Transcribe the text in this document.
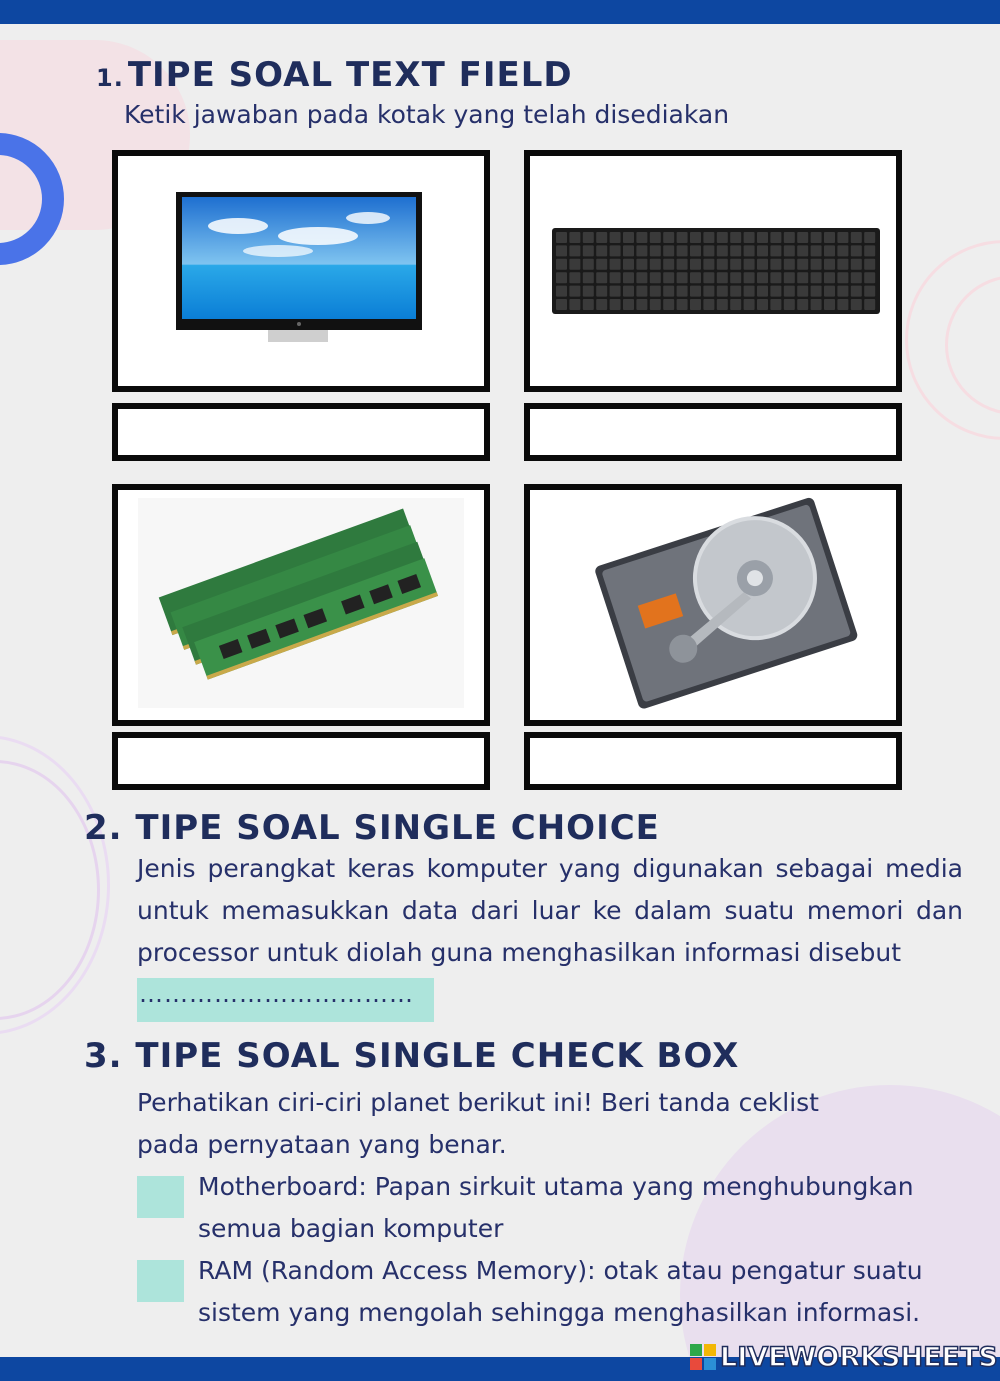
1. TIPE SOAL TEXT FIELD
Ketik jawaban pada kotak yang telah disediakan
2. TIPE SOAL SINGLE CHOICE
Jenis perangkat keras komputer yang digunakan sebagai media untuk memasukkan data dari luar ke dalam suatu memori dan processor untuk diolah guna menghasilkan informasi disebut
……………………………
3. TIPE SOAL SINGLE CHECK BOX
Perhatikan ciri-ciri planet berikut ini! Beri tanda ceklist
pada pernyataan yang benar.
Motherboard: Papan sirkuit utama yang menghubungkan
semua bagian komputer
RAM (Random Access Memory): otak atau pengatur suatu
sistem yang mengolah sehingga menghasilkan informasi.
LIVEWORKSHEETS
